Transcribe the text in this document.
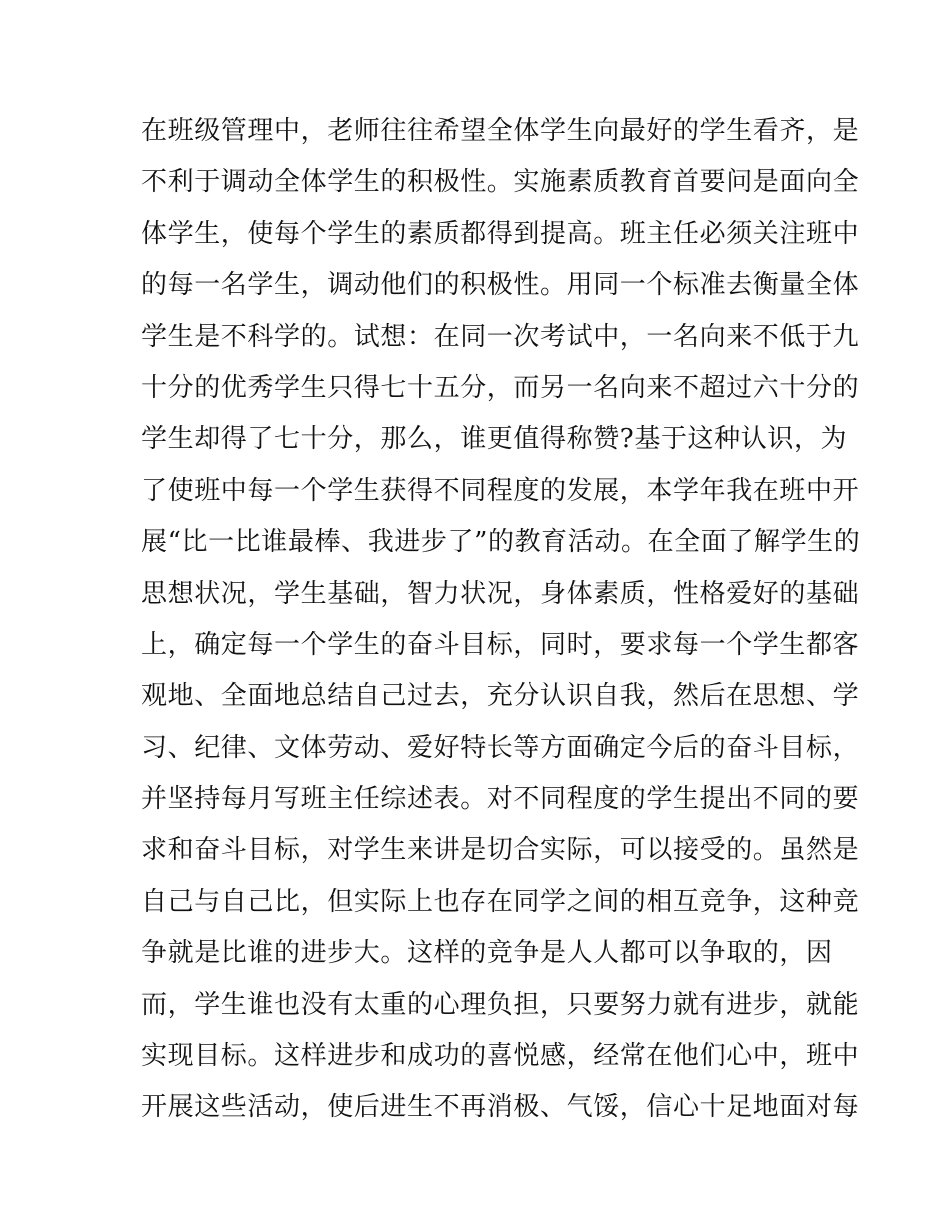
在班级管理中，老师往往希望全体学生向最好的学生看齐，是
不利于调动全体学生的积极性。实施素质教育首要问是面向全
体学生，使每个学生的素质都得到提高。班主任必须关注班中
的每一名学生，调动他们的积极性。用同一个标准去衡量全体
学生是不科学的。试想：在同一次考试中，一名向来不低于九
十分的优秀学生只得七十五分，而另一名向来不超过六十分的
学生却得了七十分，那么，谁更值得称赞?基于这种认识，为
了使班中每一个学生获得不同程度的发展，本学年我在班中开
展“比一比谁最棒、我进步了”的教育活动。在全面了解学生的
思想状况，学生基础，智力状况，身体素质，性格爱好的基础
上，确定每一个学生的奋斗目标，同时，要求每一个学生都客
观地、全面地总结自己过去，充分认识自我，然后在思想、学
习、纪律、文体劳动、爱好特长等方面确定今后的奋斗目标，
并坚持每月写班主任综述表。对不同程度的学生提出不同的要
求和奋斗目标，对学生来讲是切合实际，可以接受的。虽然是
自己与自己比，但实际上也存在同学之间的相互竞争，这种竞
争就是比谁的进步大。这样的竞争是人人都可以争取的，因
而，学生谁也没有太重的心理负担，只要努力就有进步，就能
实现目标。这样进步和成功的喜悦感，经常在他们心中，班中
开展这些活动，使后进生不再消极、气馁，信心十足地面对每
